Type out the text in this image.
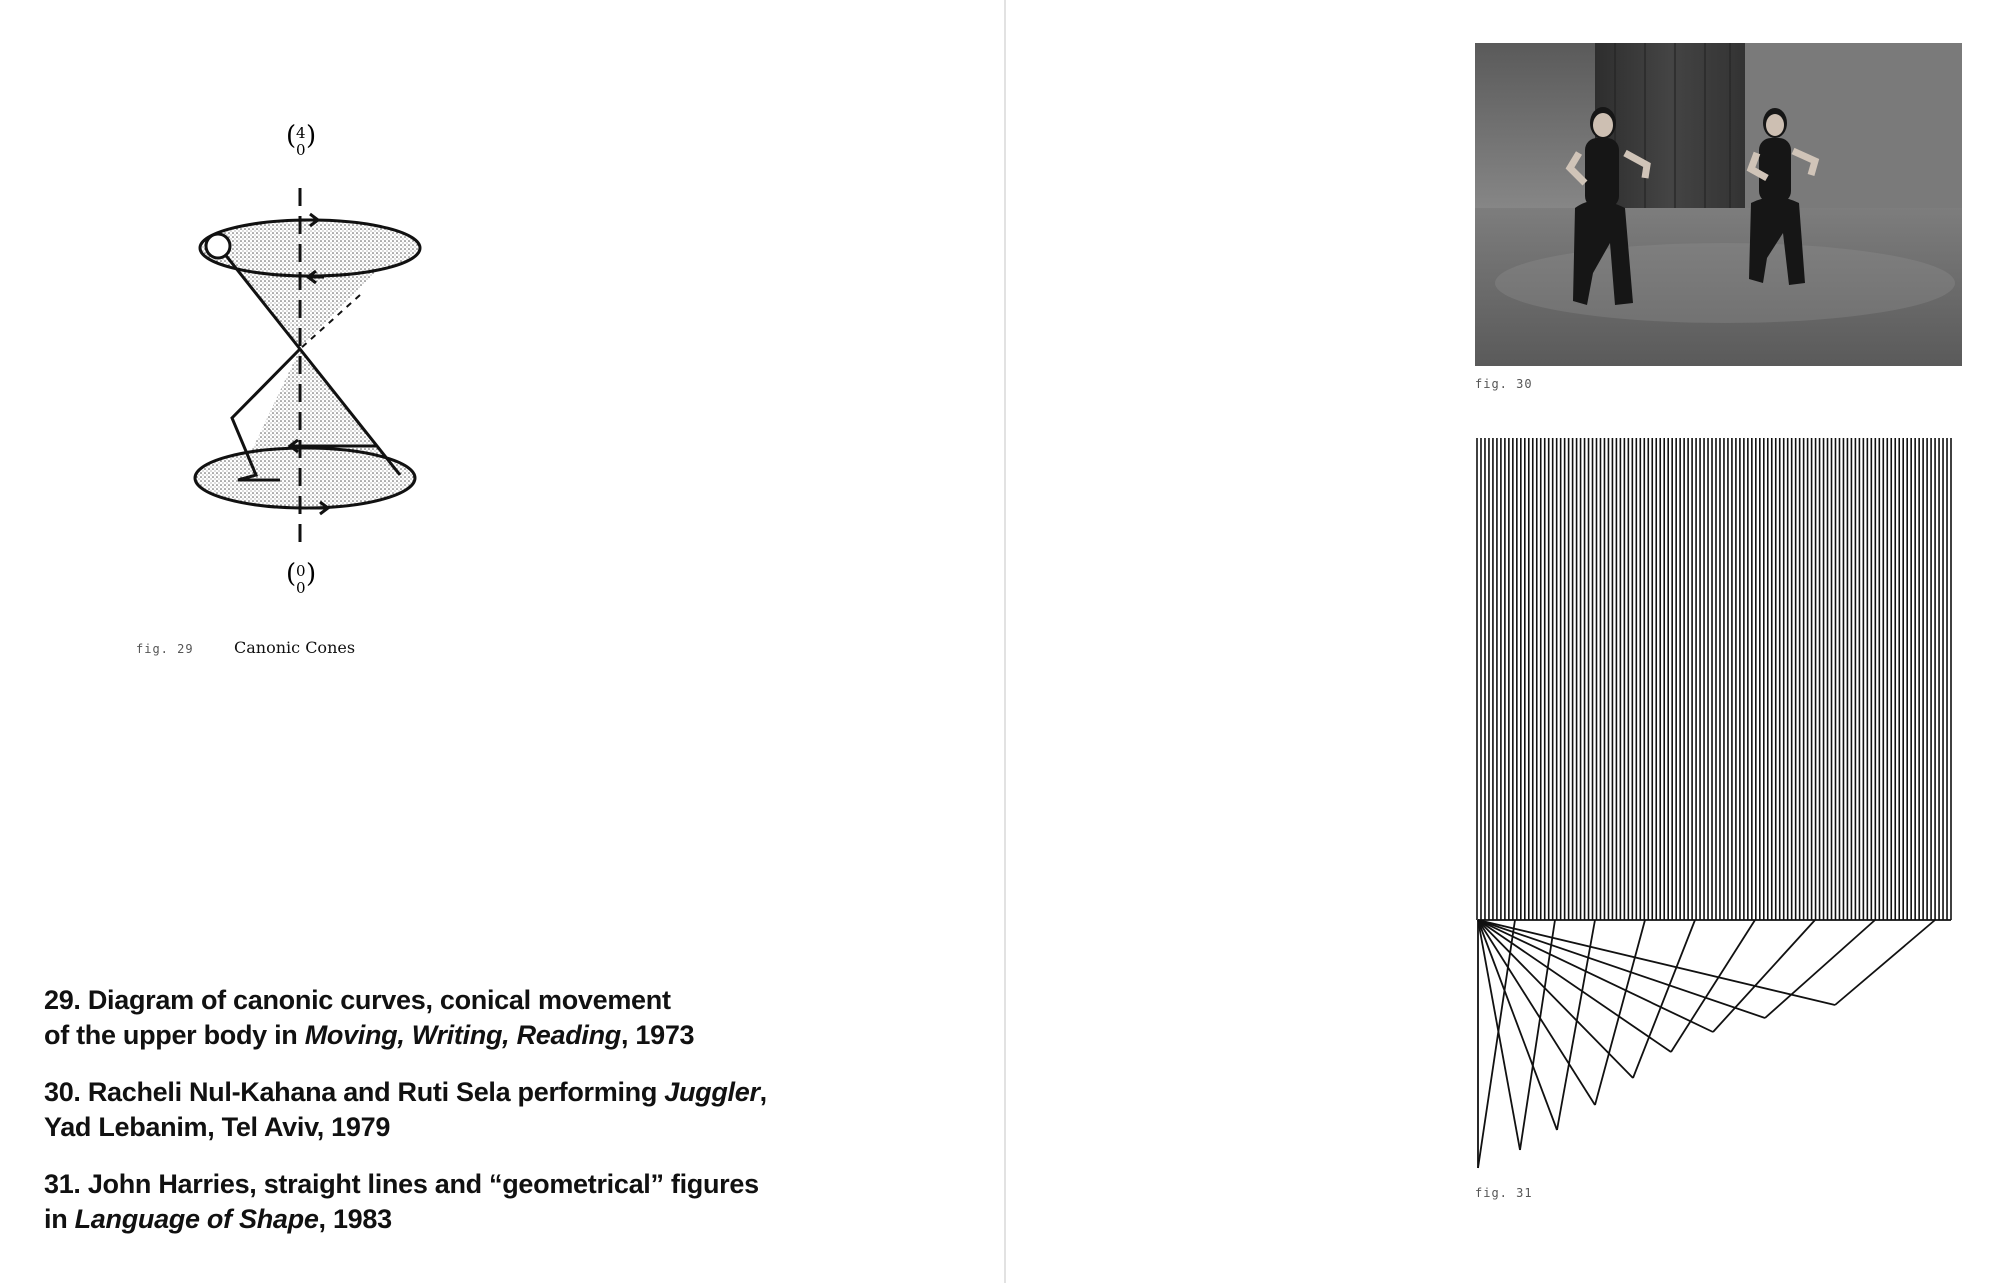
( 4
0 )
( 0
0 )
fig. 29	Canonic Cones

29. Diagram of canonic curves, conical movement
of the upper body in Moving, Writing, Reading, 1973

30. Racheli Nul-Kahana and Ruti Sela performing Juggler,
Yad Lebanim, Tel Aviv, 1979

31. John Harries, straight lines and “geometrical” figures
in Language of Shape, 1983

fig. 30
fig. 31
